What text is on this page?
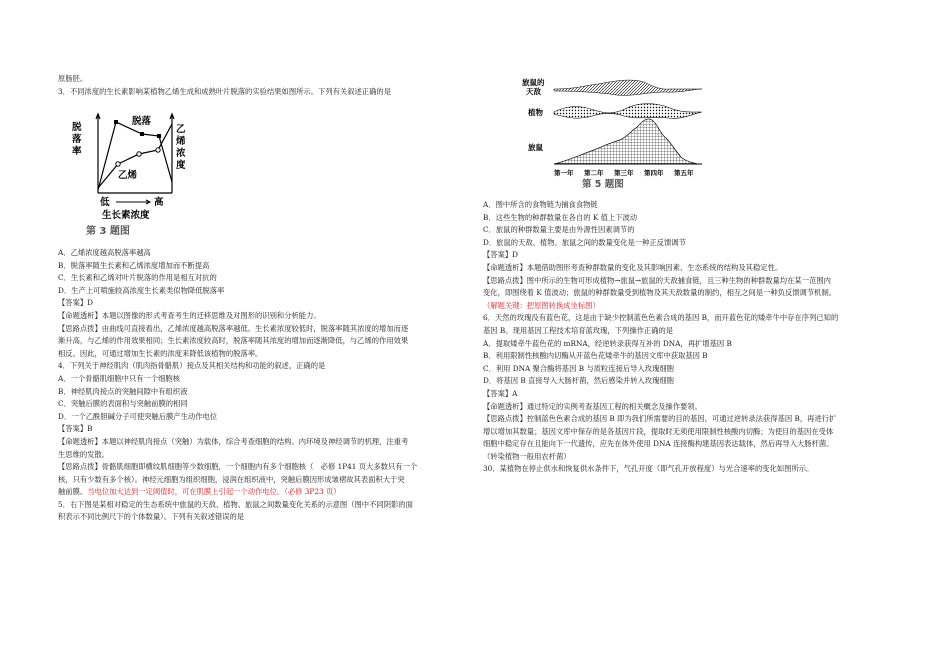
原肠胚。
3．不同浓度的生长素影响某植物乙烯生成和成熟叶片脱落的实验结果如图所示。下列有关叙述正确的是
A．乙烯浓度越高脱落率越高
B．脱落率随生长素和乙烯浓度增加而不断提高
C．生长素和乙烯对叶片脱落的作用是相互对抗的
D．生产上可喷施较高浓度生长素类似物降低脱落率
【答案】D
【命题透析】本题以图像的形式考查考生的迁移思维及对图形的识别和分析能力。
【思路点拨】由曲线可直接看出，乙烯浓度越高脱落率越低。生长素浓度较低时，脱落率随其浓度的增加而逐
渐升高，与乙烯的作用效果相同；生长素浓度较高时，脱落率随其浓度的增加而逐渐降低，与乙烯的作用效果
相反。因此，可通过增加生长素的浓度来降低该植物的脱落率。
4．下列关于神经肌肉（肌肉指骨骼肌）接点及其相关结构和功能的叙述，正确的是
A．一个骨骼肌细胞中只有一个细胞核
B．神经肌肉接点的突触间隙中有组织液
C．突触后膜的表面积与突触前膜的相同
D．一个乙酰胆碱分子可使突触后膜产生动作电位
【答案】B
【命题透析】本题以神经肌肉接点（突触）为载体，综合考查细胞的结构、内环境及神经调节的机理，注重考
生思维的发散。
【思路点拨】骨骼肌细胞即横纹肌细胞等少数细胞，一个细胞内有多个细胞核（　必修 1P41 页大多数只有一个
核，只有少数有多个核）。神经元细胞为组织细胞，浸润在组织液中，突触后膜因形成皱褶故其表面积大于突
触前膜。当电位加大达到一定阈值时，可在肌膜上引起一个动作电位。（必修 3P23 页）
5．右下图是某相对稳定的生态系统中旅鼠的天敌、植物、旅鼠之间数量变化关系的示意图（图中不同阴影的面
积表示不同比例尺下的个体数量）。下列有关叙述错误的是
脱
落
率
乙
烯
浓
度
脱落
乙烯
低	高
生长素浓度
第 3 题图
旅鼠的
天敌
植物
旅鼠
第一年 第二年 第三年 第四年 第五年
第 5 题图
A．图中所含的食物链为捕食食物链
B．这些生物的种群数量在各自的 K 值上下波动
C．旅鼠的种群数量主要是由外源性因素调节的
D．旅鼠的天敌、植物、旅鼠之间的数量变化是一种正反馈调节
【答案】D
【命题透析】本题借助图形考查种群数量的变化及其影响因素、生态系统的结构及其稳定性。
【思路点拨】图中所示的生物可形成植物→旅鼠→旅鼠的天敌捕食链，且三种生物的种群数量均在某一范围内
变化，即围绕着 K 值波动；旅鼠的种群数量受到植物及其天敌数量的制约，相互之间是一种负反馈调节机制。
（解题关键：把原图转换成坐标图）
6．天然的玫瑰没有蓝色花，这是由于缺少控制蓝色色素合成的基因 B，而开蓝色花的矮牵牛中存在序列已知的
基因 B。现用基因工程技术培育蓝玫瑰，下列操作正确的是
A．提取矮牵牛蓝色花的 mRNA，经逆转录获得互补的 DNA，再扩增基因 B
B．利用限制性核酸内切酶从开蓝色花矮牵牛的基因文库中获取基因 B
C．利用 DNA 聚合酶将基因 B 与质粒连接后导入玫瑰细胞
D．将基因 B 直接导入大肠杆菌，然后感染并转入玫瑰细胞
【答案】A
【命题透析】通过特定的实例考查基因工程的相关概念及操作要领。
【思路点拨】控制蓝色色素合成的基因 B 即为我们所需要的目的基因，可通过逆转录法获得基因 B，再进行扩
增以增加其数量；基因文库中保存的是各基因片段，提取时无须使用限制性核酸内切酶；为使目的基因在受体
细胞中稳定存在且能向下一代遗传，应先在体外使用 DNA 连接酶构建基因表达载体，然后再导入大肠杆菌。
（转染植物一般用农杆菌）
30．某植物在停止供水和恢复供水条件下，气孔开度（即气孔开放程度）与光合速率的变化如图所示。
